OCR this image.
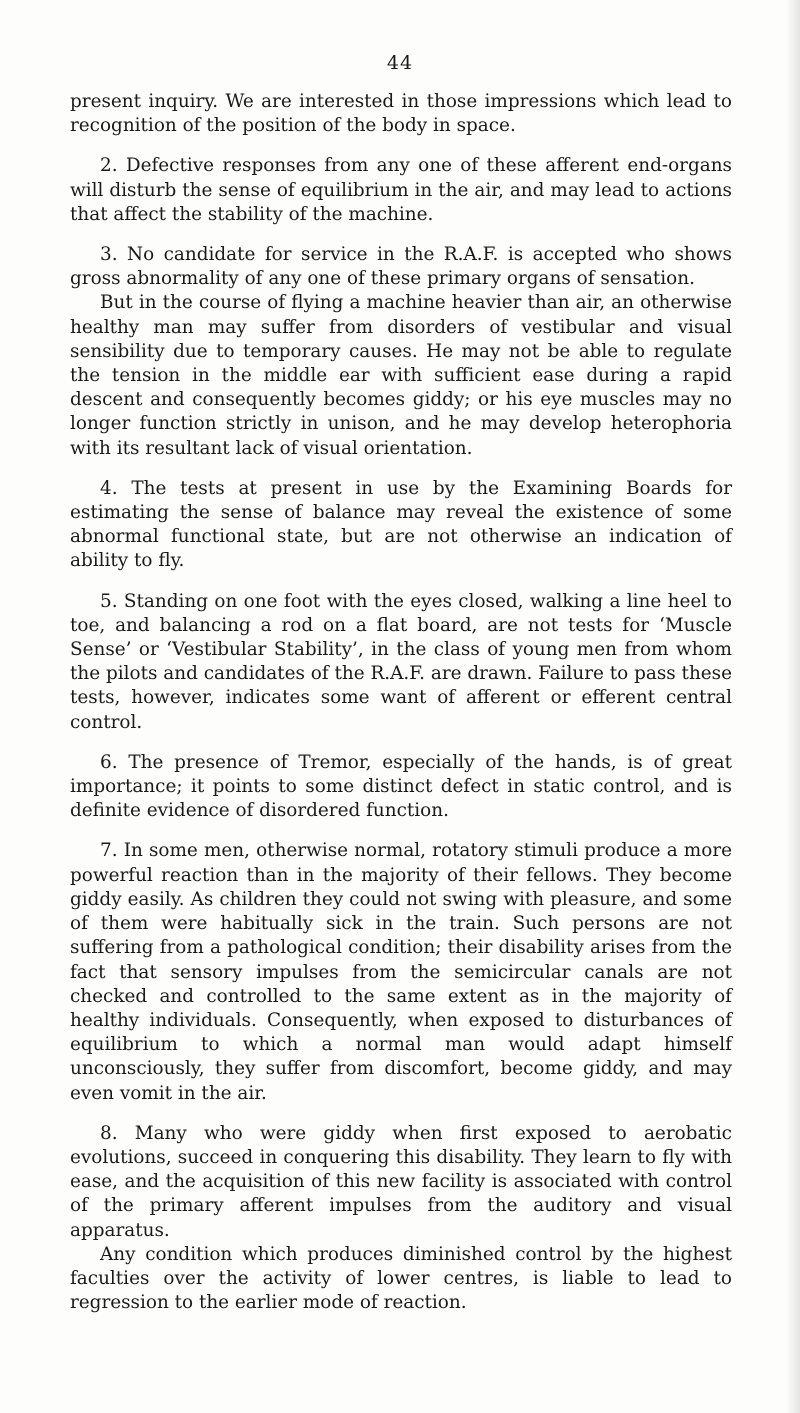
44

present inquiry. We are interested in those impressions which lead to recognition of the position of the body in space.

2. Defective responses from any one of these afferent end-organs will disturb the sense of equilibrium in the air, and may lead to actions that affect the stability of the machine.

3. No candidate for service in the R.A.F. is accepted who shows gross abnormality of any one of these primary organs of sensation.

But in the course of flying a machine heavier than air, an otherwise healthy man may suffer from disorders of vestibular and visual sensibility due to temporary causes. He may not be able to regulate the tension in the middle ear with sufficient ease during a rapid descent and consequently becomes giddy; or his eye muscles may no longer function strictly in unison, and he may develop heterophoria with its resultant lack of visual orientation.

4. The tests at present in use by the Examining Boards for estimating the sense of balance may reveal the existence of some abnormal functional state, but are not otherwise an indication of ability to fly.

5. Standing on one foot with the eyes closed, walking a line heel to toe, and balancing a rod on a flat board, are not tests for ‘Muscle Sense’ or ‘Vestibular Stability’, in the class of young men from whom the pilots and candidates of the R.A.F. are drawn. Failure to pass these tests, however, indicates some want of afferent or efferent central control.

6. The presence of Tremor, especially of the hands, is of great importance; it points to some distinct defect in static control, and is definite evidence of disordered function.

7. In some men, otherwise normal, rotatory stimuli produce a more powerful reaction than in the majority of their fellows. They become giddy easily. As children they could not swing with pleasure, and some of them were habitually sick in the train. Such persons are not suffering from a pathological condition; their disability arises from the fact that sensory impulses from the semicircular canals are not checked and controlled to the same extent as in the majority of healthy individuals. Consequently, when exposed to disturbances of equilibrium to which a normal man would adapt himself unconsciously, they suffer from discomfort, become giddy, and may even vomit in the air.

8. Many who were giddy when first exposed to aerobatic evolutions, succeed in conquering this disability. They learn to fly with ease, and the acquisition of this new facility is associated with control of the primary afferent impulses from the auditory and visual apparatus.

Any condition which produces diminished control by the highest faculties over the activity of lower centres, is liable to lead to regression to the earlier mode of reaction.
